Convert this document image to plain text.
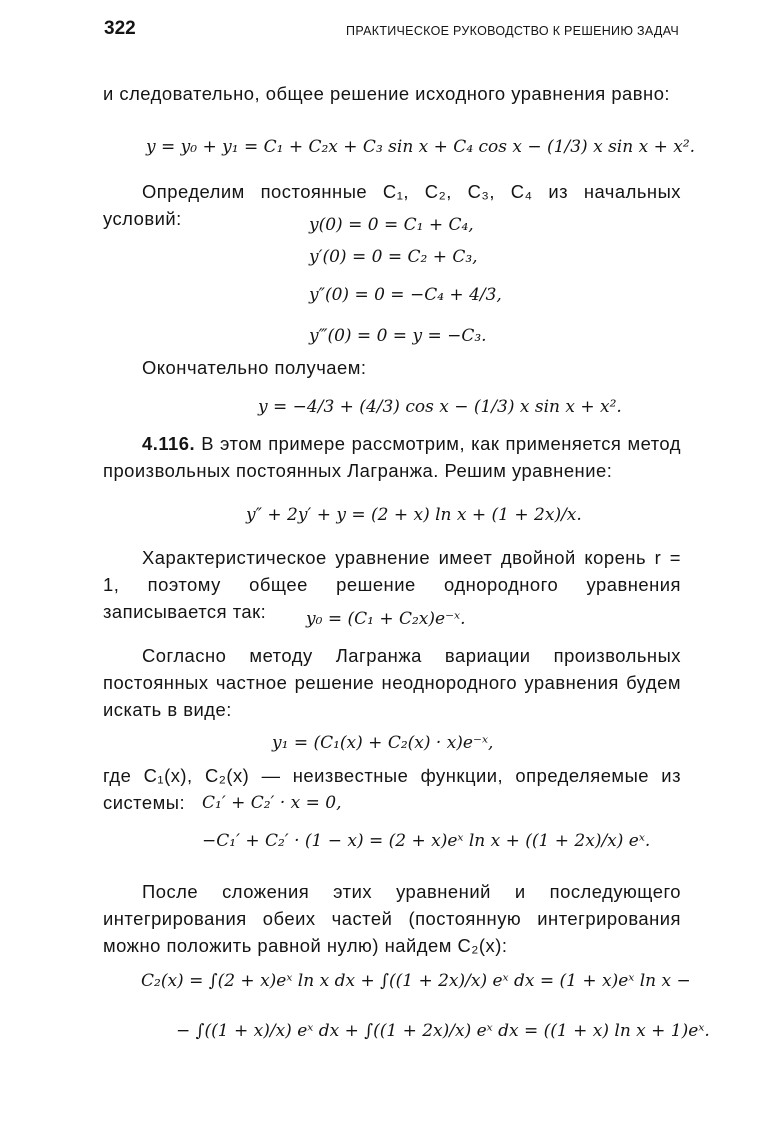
322	ПРАКТИЧЕСКОЕ РУКОВОДСТВО К РЕШЕНИЮ ЗАДАЧ
и следовательно, общее решение исходного уравнения равно:
y = y₀ + y₁ = C₁ + C₂x + C₃ sin x + C₄ cos x − (1/3) x sin x + x².
Определим постоянные C₁, C₂, C₃, C₄ из начальных условий:	y(0) = 0 = C₁ + C₄,
y′(0) = 0 = C₂ + C₃,
y″(0) = 0 = −C₄ + 4/3,
y‴(0) = 0 = y = −C₃.
Окончательно получаем:
y = −4/3 + (4/3) cos x − (1/3) x sin x + x².
4.116. В этом примере рассмотрим, как применяется метод произвольных постоянных Лагранжа. Решим уравнение:
y″ + 2y′ + y = (2 + x) ln x + (1 + 2x)/x.
Характеристическое уравнение имеет двойной корень r = 1, поэтому общее решение однородного уравнения записывается так:	y₀ = (C₁ + C₂x)e⁻ˣ.
Согласно методу Лагранжа вариации произвольных постоянных частное решение неоднородного уравнения будем искать в виде:
y₁ = (C₁(x) + C₂(x) · x)e⁻ˣ,
где C₁(x), C₂(x) — неизвестные функции, определяемые из системы: C₁′ + C₂′ · x = 0,
−C₁′ + C₂′ · (1 − x) = (2 + x)eˣ ln x + ((1 + 2x)/x) eˣ.
После сложения этих уравнений и последующего интегрирования обеих частей (постоянную интегрирования можно положить равной нулю) найдем C₂(x):
C₂(x) = ∫(2 + x)eˣ ln x dx + ∫((1 + 2x)/x) eˣ dx = (1 + x)eˣ ln x −
− ∫((1 + x)/x) eˣ dx + ∫((1 + 2x)/x) eˣ dx = ((1 + x) ln x + 1)eˣ.
